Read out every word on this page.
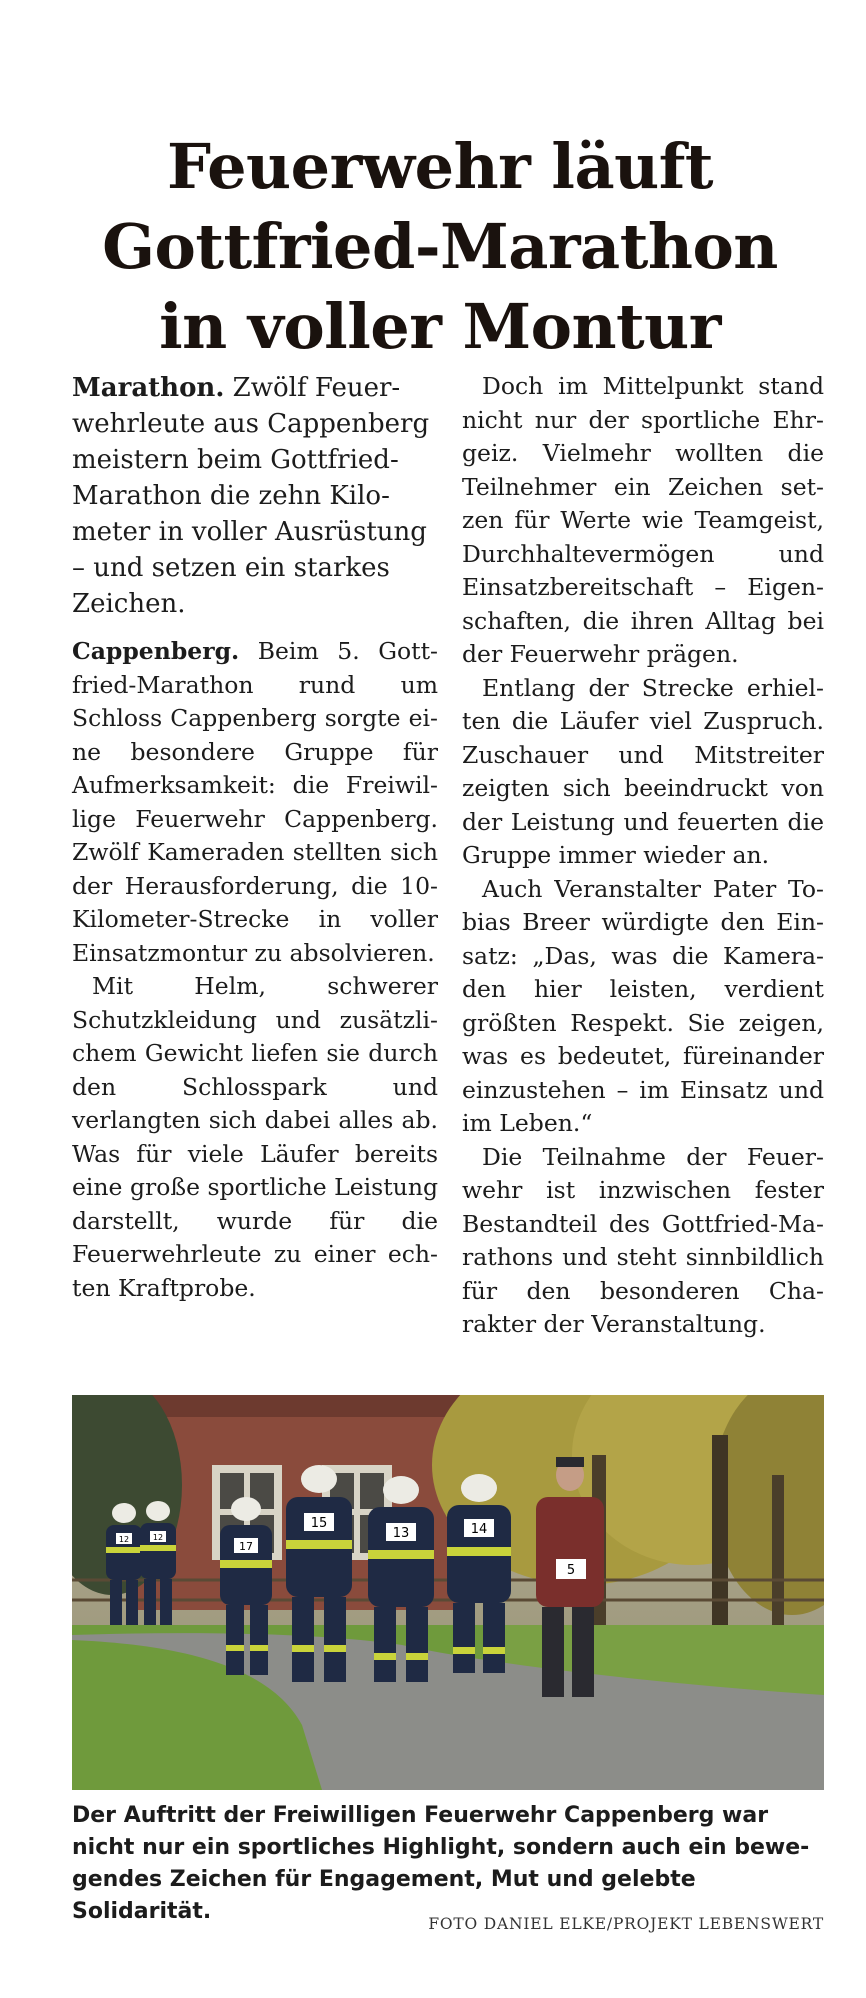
Feuerwehr läuft
Gottfried-Marathon
in voller Montur

Marathon. Zwölf Feuerwehrleute aus Cappenberg meistern beim Gottfried-Marathon die zehn Kilometer in voller Ausrüstung – und setzen ein starkes Zeichen.

Cappenberg. Beim 5. Gottfried-Marathon rund um Schloss Cappenberg sorgte eine besondere Gruppe für Aufmerksamkeit: die Freiwillige Feuerwehr Cappenberg. Zwölf Kameraden stellten sich der Herausforderung, die 10-Kilometer-Strecke in voller Einsatzmontur zu absolvieren.

Mit Helm, schwerer Schutzkleidung und zusätzlichem Gewicht liefen sie durch den Schlosspark und verlangten sich dabei alles ab. Was für viele Läufer bereits eine große sportliche Leistung darstellt, wurde für die Feuerwehrleute zu einer echten Kraftprobe.

Doch im Mittelpunkt stand nicht nur der sportliche Ehrgeiz. Vielmehr wollten die Teilnehmer ein Zeichen setzen für Werte wie Teamgeist, Durchhaltevermögen und Einsatzbereitschaft – Eigenschaften, die ihren Alltag bei der Feuerwehr prägen.

Entlang der Strecke erhielten die Läufer viel Zuspruch. Zuschauer und Mitstreiter zeigten sich beeindruckt von der Leistung und feuerten die Gruppe immer wieder an.

Auch Veranstalter Pater Tobias Breer würdigte den Einsatz: „Das, was die Kameraden hier leisten, verdient größten Respekt. Sie zeigen, was es bedeutet, füreinander einzustehen – im Einsatz und im Leben.“

Die Teilnahme der Feuerwehr ist inzwischen fester Bestandteil des Gottfried-Marathons und steht sinnbildlich für den besonderen Charakter der Veranstaltung.

12	12
17
15
13	14
5
Der Auftritt der Freiwilligen Feuerwehr Cappenberg war nicht nur ein sportliches Highlight, sondern auch ein bewegendes Zeichen für Engagement, Mut und gelebte Solidarität.	FOTO DANIEL ELKE/PROJEKT LEBENSWERT
